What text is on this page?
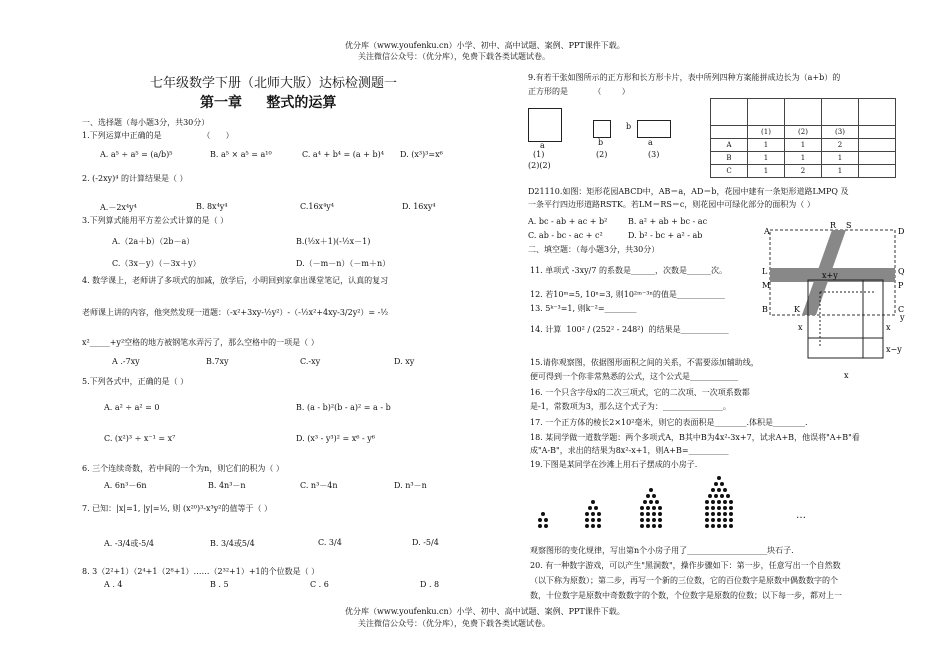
优分库（www.youfenku.cn）小学、初中、高中试题、案例、PPT课件下载。
关注微信公众号：（优分库），免费下载各类试题试卷。
七年级数学下册（北师大版）达标检测题一
第一章     整式的运算
一、选择题（每小题3分，共30分）
1.下列运算中正确的是                （      ）
A. a⁵ ÷ a⁵ = (a/b)⁵	B. a⁵ × a⁵ = a¹⁰	C. a⁴ + b⁴ = (a + b)⁴ D. (x³)³=x⁶
2. (-2xy)⁴ 的计算结果是（ ）
A.－2x⁴y⁴	B. 8x⁴y⁴	C.16x⁴y⁴	D. 16xy⁴
3.下列算式能用平方差公式计算的是（ ）
A.（2a＋b）（2b－a）	B.(½x＋1)(-½x－1)
C.（3x－y）（－3x＋y）	D.（－m－n）（－m＋n）
4. 数学课上，老师讲了多项式的加减，放学后，小明回到家拿出课堂笔记，认真的复习
老师课上讲的内容，他突然发现一道题：（-x²+3xy-½y²）-（-½x²+4xy-3/2y²）= -½
x²_____+y²空格的地方被钢笔水弄污了，那么空格中的一项是（ ）
A .-7xy	B.7xy	C.-xy	D. xy
5.下列各式中，正确的是（ ）
A. a² ÷ a² = 0	B. (a - b)²(b - a)² = a - b
C. (x²)³ ÷ x⁻¹ = x⁷	D. (x³ - y³)² = x⁶ - y⁶
6. 三个连续奇数，若中间的一个为n，则它们的积为（ ）
A. 6n³－6n	B. 4n³－n	C. n³－4n	D. n³－n
7. 已知：|x|=1, |y|=½, 则 (x²⁰)³-x³y²的值等于（ ）
A. -3/4或-5/4	B. 3/4或5/4	C. 3/4	D. -5/4
8. 3（2²+1）（2⁴+1（2⁸+1）……（2³²+1）+1的个位数是（ ）
A . 4	B . 5	C . 6	D . 8
9.有若干张如图所示的正方形和长方形卡片，表中所列四种方案能拼成边长为（a+b）的
正方形的是          （        ）
a	b
b
a
(1)	(2)	(3)
(2)(2)

	(1)	(2)	(3)	
A	1	1	2	
B	1	1	1	
C	1	2	1	
D21110.如图：矩形花园ABCD中，AB＝a，AD＝b，花园中建有一条矩形道路LMPQ 及
一条平行四边形道路RSTK。若LM＝RS＝c，则花园中可绿化部分的面积为（ ）
A. bc - ab + ac + b²	B. a² + ab + bc - ac
C. ab - bc - ac + c²	D. b² - bc + a² - ab
二、填空题：（每小题3分，共30分）
11. 单项式 -3xy/7 的系数是______，次数是______次。
12. 若10ᵐ=5, 10ⁿ=3, 则10²ᵐ⁻³ⁿ的值是____________
13. 5ᵏ⁻³=1, 则k⁻²=________
14. 计算  100² / (252² - 248²)  的结果是____________
15.请你观察图，依据图形面积之间的关系，不需要添加辅助线，
便可得到一个你非常熟悉的公式，这个公式是____________
16. 一个只含字母x的二次三项式，它的二次项、一次项系数都
是-1，常数项为3，那么这个式子为：_______________。
17. 一个正方体的棱长2×10²毫米，则它的表面积是________.体积是________.
18. 某同学做一道数学题：两个多项式A，B其中B为4x²-3x+7，试求A+B，他误将"A+B"看
成"A-B"，求出的结果为8x²-x+1，则A+B=__________
19.下图是某同学在沙滩上用石子摆成的小房子.
A
R S
D
L	Q
M	P
B	K	C
x+y
x
y
x
x−y
x
…
观察图形的变化规律，写出第n个小房子用了____________________块石子.
20. 有一种数字游戏，可以产生"黑洞数"，操作步骤如下：第一步，任意写出一个自然数
（以下称为原数）；第二步，再写一个新的三位数，它的百位数字是原数中偶数数字的个
数，十位数字是原数中奇数数字的个数，个位数字是原数的位数；以下每一步，都对上一
优分库（www.youfenku.cn）小学、初中、高中试题、案例、PPT课件下载。
关注微信公众号：（优分库），免费下载各类试题试卷。
